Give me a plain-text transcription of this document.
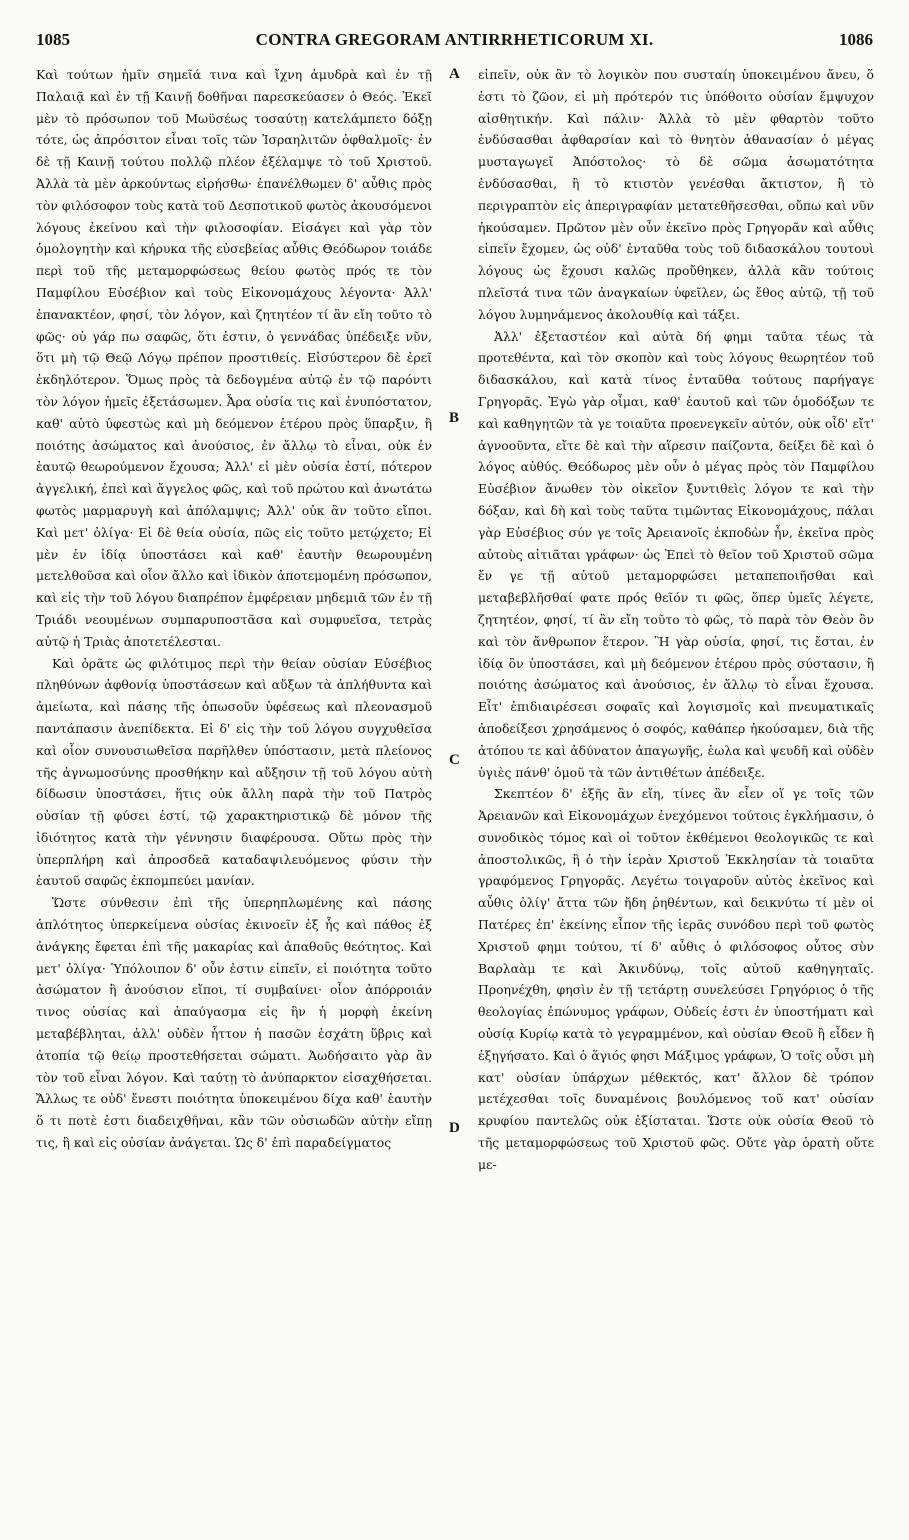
1085	CONTRA GREGORAM ANTIRRHETICORUM XI.	1086

Καὶ τούτων ἡμῖν σημεῖά τινα καὶ ἴχνη ἀμυδρὰ καὶ ἐν τῇ Παλαιᾷ καὶ ἐν τῇ Καινῇ δοθῆναι παρεσκεύασεν ὁ Θεός. Ἐκεῖ μὲν τὸ πρόσωπον τοῦ Μωϋσέως τοσαύτῃ κατελάμπετο δόξῃ τότε, ὡς ἀπρόσιτον εἶναι τοῖς τῶν Ἰσραηλιτῶν ὀφθαλμοῖς· ἐν δὲ τῇ Καινῇ τούτου πολλῷ πλέον ἐξέλαμψε τὸ τοῦ Χριστοῦ. Ἀλλὰ τὰ μὲν ἀρκούντως εἰρήσθω· ἐπανέλθωμεν δ' αὖθις πρὸς τὸν φιλόσοφον τοὺς κατὰ τοῦ Δεσποτικοῦ φωτὸς ἀκουσόμενοι λόγους ἐκείνου καὶ τὴν φιλοσοφίαν. Εἰσάγει καὶ γὰρ τὸν ὁμολογητὴν καὶ κήρυκα τῆς εὐσεβείας αὖθις Θεόδωρον τοιάδε περὶ τοῦ τῆς μεταμορφώσεως θείου φωτὸς πρός τε τὸν Παμφίλου Εὐσέβιον καὶ τοὺς Εἰκονομάχους λέγοντα· Ἀλλ' ἐπανακτέον, φησί, τὸν λόγον, καὶ ζητητέον τί ἂν εἴη τοῦτο τὸ φῶς· οὐ γάρ πω σαφῶς, ὅτι ἐστιν, ὁ γεννάδας ὑπέδειξε νῦν, ὅτι μὴ τῷ Θεῷ Λόγῳ πρέπον προστιθείς. Εἰσύστερον δὲ ἐρεῖ ἐκδηλότερον. Ὅμως πρὸς τὰ δεδογμένα αὐτῷ ἐν τῷ παρόντι τὸν λόγον ἡμεῖς ἐξετάσωμεν. Ἆρα οὐσία τις καὶ ἐνυπόστατον, καθ' αὑτὸ ὑφεστὼς καὶ μὴ δεόμενον ἑτέρου πρὸς ὕπαρξιν, ἢ ποιότης ἀσώματος καὶ ἀνούσιος, ἐν ἄλλῳ τὸ εἶναι, οὐκ ἐν ἑαυτῷ θεωρούμενον ἔχουσα; Ἀλλ' εἰ μὲν οὐσία ἐστί, πότερον ἀγγελική, ἐπεὶ καὶ ἄγγελος φῶς, καὶ τοῦ πρώτου καὶ ἀνωτάτω φωτὸς μαρμαρυγὴ καὶ ἀπόλαμψις; Ἀλλ' οὐκ ἂν τοῦτο εἴποι. Καὶ μετ' ὀλίγα· Εἰ δὲ θεία οὐσία, πῶς εἰς τοῦτο μετῴχετο; Εἰ μὲν ἐν ἰδίᾳ ὑποστάσει καὶ καθ' ἑαυτὴν θεωρουμένη μετελθοῦσα καὶ οἷον ἄλλο καὶ ἰδικὸν ἀποτεμομένη πρόσωπον, καὶ εἰς τὴν τοῦ λόγου διαπρέπον ἐμφέρειαν μηδεμιᾶ τῶν ἐν τῇ Τριάδι νεουμένων συμπαρυποστᾶσα καὶ συμφυεῖσα, τετρὰς αὐτῷ ἡ Τριὰς ἀποτετέλεσται.

Καὶ ὁρᾶτε ὡς φιλότιμος περὶ τὴν θείαν οὐσίαν Εὐσέβιος πληθύνων ἀφθονίᾳ ὑποστάσεων καὶ αὔξων τὰ ἀπλήθυντα καὶ ἀμείωτα, καὶ πάσης τῆς ὁπωσοῦν ὑφέσεως καὶ πλεονασμοῦ παντάπασιν ἀνεπίδεκτα. Εἰ δ' εἰς τὴν τοῦ λόγου συγχυθεῖσα καὶ οἷον συνουσιωθεῖσα παρῆλθεν ὑπόστασιν, μετὰ πλείονος τῆς ἀγνωμοσύνης προσθήκην καὶ αὔξησιν τῇ τοῦ λόγου αὐτὴ δίδωσιν ὑποστάσει, ἥτις οὐκ ἄλλη παρὰ τὴν τοῦ Πατρὸς οὐσίαν τῇ φύσει ἐστί, τῷ χαρακτηριστικῷ δὲ μόνον τῆς ἰδιότητος κατὰ τὴν γέννησιν διαφέρουσα. Οὕτω πρὸς τὴν ὑπερπλήρη καὶ ἀπροσδεᾶ καταδαψιλευόμενος φύσιν τὴν ἑαυτοῦ σαφῶς ἐκπομπεύει μανίαν.

Ὥστε σύνθεσιν ἐπὶ τῆς ὑπερηπλωμένης καὶ πάσης ἁπλότητος ὑπερκείμενα οὐσίας ἐκινοεῖν ἐξ ἧς καὶ πάθος ἐξ ἀνάγκης ἔφεται ἐπὶ τῆς μακαρίας καὶ ἀπαθοῦς θεότητος. Καὶ μετ' ὀλίγα· Ὑπόλοιπον δ' οὖν ἐστιν εἰπεῖν, εἰ ποιότητα τοῦτο ἀσώματον ἢ ἀνούσιον εἴποι, τί συμβαίνει· οἷον ἀπόρροιάν τινος οὐσίας καὶ ἀπαύγασμα εἰς ἣν ἡ μορφὴ ἐκείνη μεταβέβληται, ἀλλ' οὐδὲν ἧττον ἡ πασῶν ἐσχάτη ὕβρις καὶ ἀτοπία τῷ θείῳ προστεθήσεται σώματι. Ἀωδήσαιτο γὰρ ἂν τὸν τοῦ εἶναι λόγον. Καὶ ταύτῃ τὸ ἀνύπαρκτον εἰσαχθήσεται. Ἄλλως τε οὐδ' ἔνεστι ποιότητα ὑποκειμένου δίχα καθ' ἑαυτὴν ὅ τι ποτὲ ἐστι διαδειχθῆναι, κἂν τῶν οὐσιωδῶν αὐτὴν εἴπῃ τις, ἢ καὶ εἰς οὐσίαν ἀνάγεται. Ὡς δ' ἐπὶ παραδείγματος

A
B
C
D

εἰπεῖν, οὐκ ἂν τὸ λογικὸν που συσταίη ὑποκειμένου ἄνευ, ὅ ἐστι τὸ ζῶον, εἰ μὴ πρότερόν τις ὑπόθοιτο οὐσίαν ἔμψυχον αἰσθητικήν. Καὶ πάλιν· Ἀλλὰ τὸ μὲν φθαρτὸν τοῦτο ἐνδύσασθαι ἀφθαρσίαν καὶ τὸ θνητὸν ἀθανασίαν ὁ μέγας μυσταγωγεῖ Ἀπόστολος· τὸ δὲ σῶμα ἀσωματότητα ἐνδύσασθαι, ἢ τὸ κτιστὸν γενέσθαι ἄκτιστον, ἢ τὸ περιγραπτὸν εἰς ἀπεριγραφίαν μετατεθῆσεσθαι, οὔπω καὶ νῦν ἠκούσαμεν. Πρῶτον μὲν οὖν ἐκεῖνο πρὸς Γρηγορᾶν καὶ αὖθις εἰπεῖν ἔχομεν, ὡς οὐδ' ἐνταῦθα τοὺς τοῦ διδασκάλου τουτουὶ λόγους ὡς ἔχουσι καλῶς προὔθηκεν, ἀλλὰ κἂν τούτοις πλεῖστά τινα τῶν ἀναγκαίων ὑφεῖλεν, ὡς ἔθος αὐτῷ, τῇ τοῦ λόγου λυμηνάμενος ἀκολουθίᾳ καὶ τάξει.

Ἀλλ' ἐξεταστέον καὶ αὐτὰ δή φημι ταῦτα τέως τὰ προτεθέντα, καὶ τὸν σκοπὸν καὶ τοὺς λόγους θεωρητέον τοῦ διδασκάλου, καὶ κατὰ τίνος ἐνταῦθα τούτους παρήγαγε Γρηγορᾶς. Ἐγὼ γὰρ οἶμαι, καθ' ἑαυτοῦ καὶ τῶν ὁμοδόξων τε καὶ καθηγητῶν τὰ γε τοιαῦτα προενεγκεῖν αὐτόν, οὐκ οἶδ' εἴτ' ἀγνοοῦντα, εἴτε δὲ καὶ τὴν αἵρεσιν παίζοντα, δείξει δὲ καὶ ὁ λόγος αὐθύς. Θεόδωρος μὲν οὖν ὁ μέγας πρὸς τὸν Παμφίλου Εὐσέβιον ἄνωθεν τὸν οἰκεῖον ξυντιθεὶς λόγον τε καὶ τὴν δόξαν, καὶ δὴ καὶ τοὺς ταῦτα τιμῶντας Εἰκονομάχους, πάλαι γὰρ Εὐσέβιος σύν γε τοῖς Ἀρειανοῖς ἐκποδὼν ἦν, ἐκεῖνα πρὸς αὐτοὺς αἰτιᾶται γράφων· ὡς Ἐπεὶ τὸ θεῖον τοῦ Χριστοῦ σῶμα ἔν γε τῇ αὐτοῦ μεταμορφώσει μεταπεποιῆσθαι καὶ μεταβεβλῆσθαί φατε πρός θεῖόν τι φῶς, ὅπερ ὑμεῖς λέγετε, ζητητέον, φησί, τί ἂν εἴη τοῦτο τὸ φῶς, τὸ παρὰ τὸν Θεὸν ὂν καὶ τὸν ἄνθρωπον ἕτερον. Ἢ γὰρ οὐσία, φησί, τις ἔσται, ἐν ἰδίᾳ ὂν ὑποστάσει, καὶ μὴ δεόμενον ἑτέρου πρὸς σύστασιν, ἢ ποιότης ἀσώματος καὶ ἀνούσιος, ἐν ἄλλῳ τὸ εἶναι ἔχουσα. Εἶτ' ἐπιδιαιρέσεσι σοφαῖς καὶ λογισμοῖς καὶ πνευματικαῖς ἀποδείξεσι χρησάμενος ὁ σοφός, καθάπερ ἠκούσαμεν, διὰ τῆς ἀτόπου τε καὶ ἀδύνατον ἀπαγωγῆς, ἑωλα καὶ ψευδῆ καὶ οὐδὲν ὑγιὲς πάνθ' ὁμοῦ τὰ τῶν ἀντιθέτων ἀπέδειξε.

Σκεπτέον δ' ἑξῆς ἂν εἴη, τίνες ἂν εἶεν οἵ γε τοῖς τῶν Ἀρειανῶν καὶ Εἰκονομάχων ἐνεχόμενοι τούτοις ἐγκλήμασιν, ὁ συνοδικὸς τόμος καὶ οἱ τοῦτον ἐκθέμενοι θεολογικῶς τε καὶ ἀποστολικῶς, ἢ ὁ τὴν ἱερὰν Χριστοῦ Ἐκκλησίαν τὰ τοιαῦτα γραφόμενος Γρηγορᾶς. Λεγέτω τοιγαροῦν αὐτὸς ἐκεῖνος καὶ αὖθις ὀλίγ' ἄττα τῶν ἤδη ῥηθέντων, καὶ δεικνύτω τί μὲν οἱ Πατέρες ἐπ' ἐκείνης εἶπον τῆς ἱερᾶς συνόδου περὶ τοῦ φωτὸς Χριστοῦ φημι τούτου, τί δ' αὖθις ὁ φιλόσοφος οὗτος σὺν Βαρλαὰμ τε καὶ Ἀκινδύνῳ, τοῖς αὐτοῦ καθηγηταῖς. Προηνέχθη, φησὶν ἐν τῇ τετάρτῃ συνελεύσει Γρηγόριος ὁ τῆς θεολογίας ἐπώνυμος γράφων, Οὐδείς ἐστι ἐν ὑποστήματι καὶ οὐσίᾳ Κυρίῳ κατὰ τὸ γεγραμμένον, καὶ οὐσίαν Θεοῦ ἢ εἶδεν ἢ ἐξηγήσατο. Καὶ ὁ ἅγιός φησι Μάξιμος γράφων, Ὁ τοῖς οὖσι μὴ κατ' οὐσίαν ὑπάρχων μέθεκτός, κατ' ἄλλον δὲ τρόπον μετέχεσθαι τοῖς δυναμένοις βουλόμενος τοῦ κατ' οὐσίαν κρυφίου παντελῶς οὐκ ἐξίσταται. Ὥστε οὐκ οὐσία Θεοῦ τὸ τῆς μεταμορφώσεως τοῦ Χριστοῦ φῶς. Οὔτε γὰρ ὁρατὴ οὔτε με-
